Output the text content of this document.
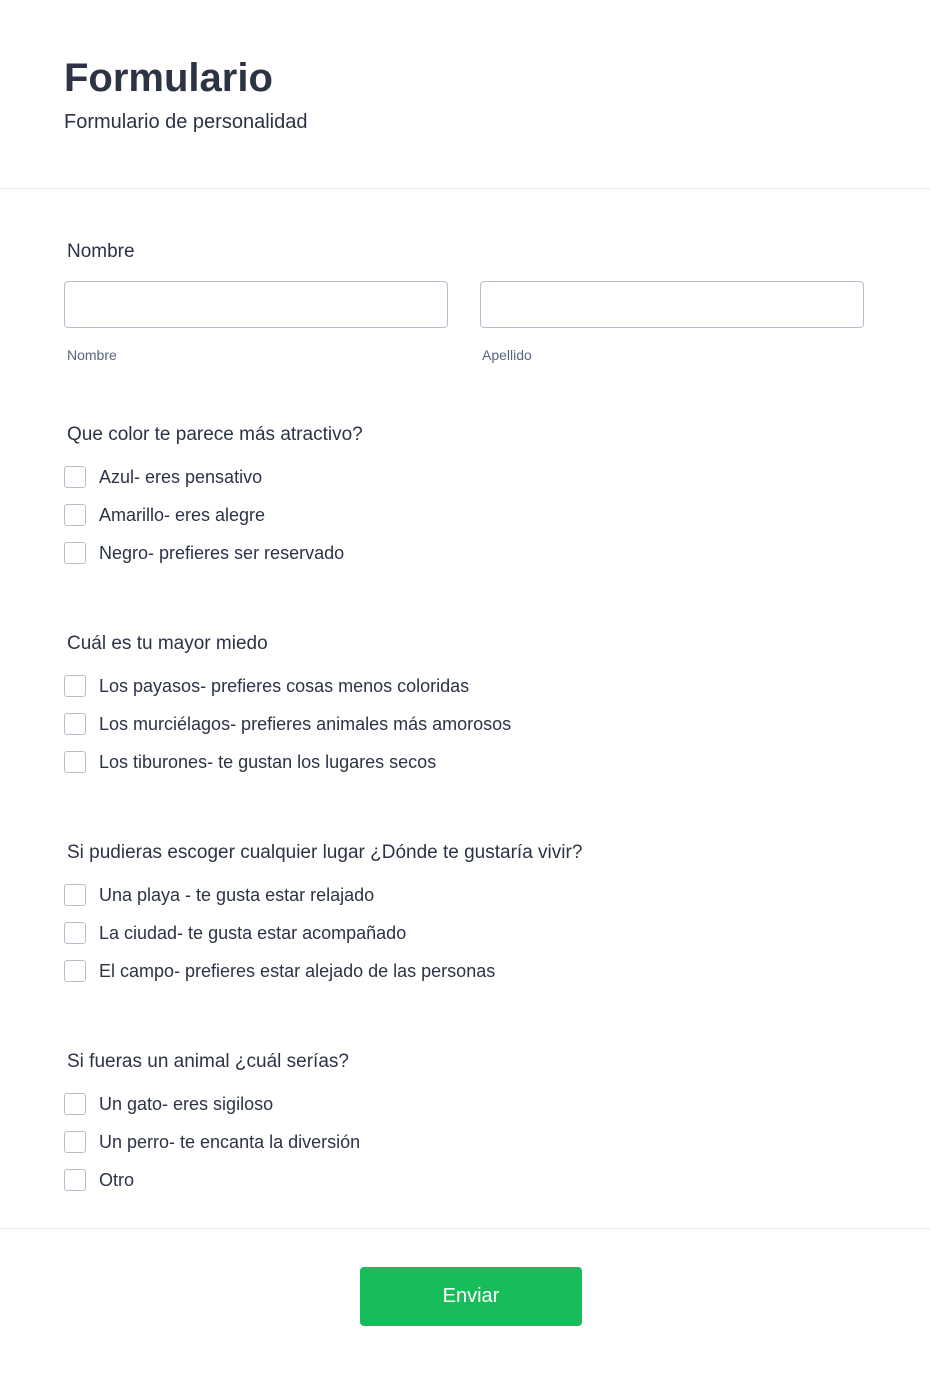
Formulario
Formulario de personalidad
Nombre
Nombre	Apellido
Que color te parece más atractivo?
Azul- eres pensativo
Amarillo- eres alegre
Negro- prefieres ser reservado
Cuál es tu mayor miedo
Los payasos- prefieres cosas menos coloridas
Los murciélagos- prefieres animales más amorosos
Los tiburones- te gustan los lugares secos
Si pudieras escoger cualquier lugar ¿Dónde te gustaría vivir?
Una playa - te gusta estar relajado
La ciudad- te gusta estar acompañado
El campo- prefieres estar alejado de las personas
Si fueras un animal ¿cuál serías?
Un gato- eres sigiloso
Un perro- te encanta la diversión
Otro
Enviar
